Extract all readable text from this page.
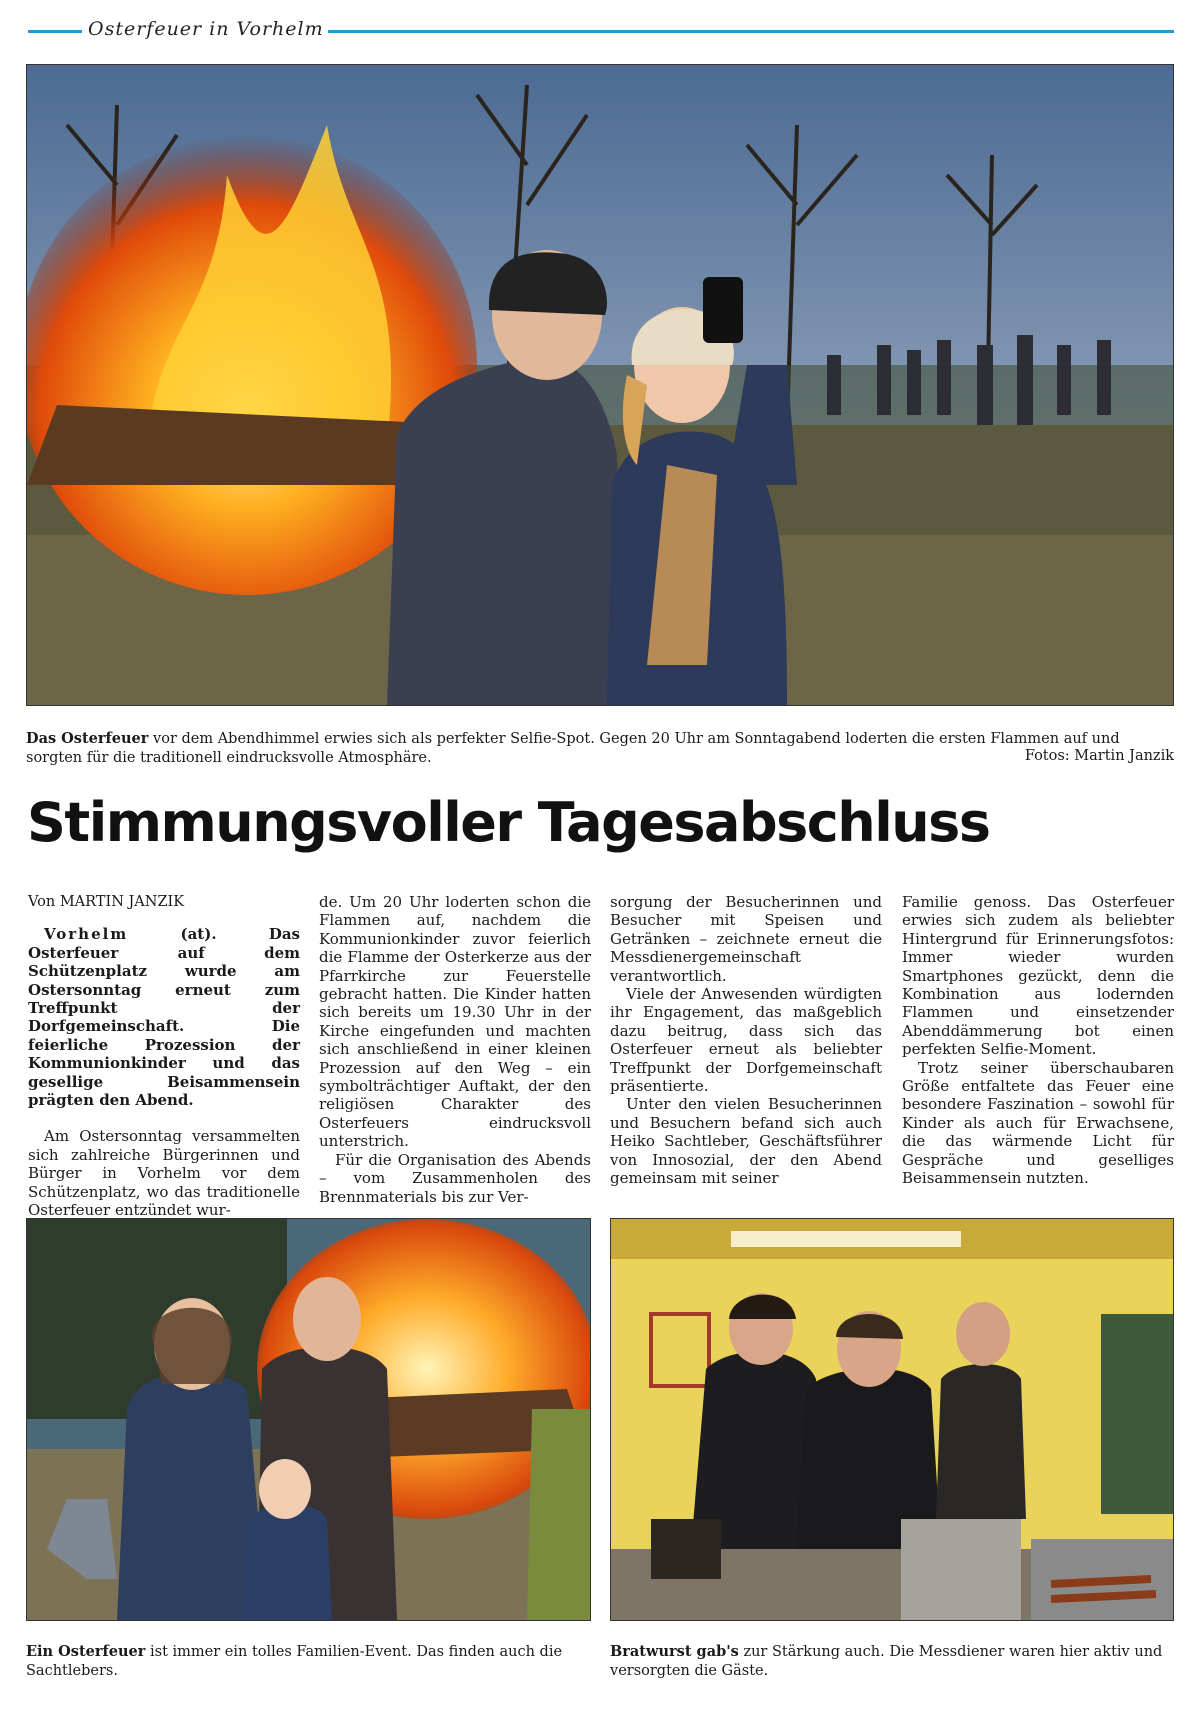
Osterfeuer in Vorhelm
Das Osterfeuer vor dem Abendhimmel erwies sich als perfekter Selfie-Spot. Gegen 20 Uhr am Sonntagabend loderten die ersten Flammen auf und sorgten für die traditionell eindrucksvolle Atmosphäre.	Fotos: Martin Janzik
Stimmungsvoller Tagesabschluss
Von MARTIN JANZIK

Vorhelm (at). Das Osterfeuer auf dem Schützenplatz wurde am Ostersonntag erneut zum Treffpunkt der Dorfgemeinschaft. Die feierliche Prozession der Kommunionkinder und das gesellige Beisammensein prägten den Abend.

Am Ostersonntag versammelten sich zahlreiche Bürgerinnen und Bürger in Vorhelm vor dem Schützenplatz, wo das traditionelle Osterfeuer entzündet wur-

de. Um 20 Uhr loderten schon die Flammen auf, nachdem die Kommunionkinder zuvor feierlich die Flamme der Osterkerze aus der Pfarrkirche zur Feuerstelle gebracht hatten. Die Kinder hatten sich bereits um 19.30 Uhr in der Kirche eingefunden und machten sich anschließend in einer kleinen Prozession auf den Weg – ein symbolträchtiger Auftakt, der den religiösen Charakter des Osterfeuers eindrucksvoll unterstrich.

Für die Organisation des Abends – vom Zusammenholen des Brennmaterials bis zur Ver-

sorgung der Besucherinnen und Besucher mit Speisen und Getränken – zeichnete erneut die Messdienergemeinschaft verantwortlich.

Viele der Anwesenden würdigten ihr Engagement, das maßgeblich dazu beitrug, dass sich das Osterfeuer erneut als beliebter Treffpunkt der Dorfgemeinschaft präsentierte.

Unter den vielen Besucherinnen und Besuchern befand sich auch Heiko Sachtleber, Geschäftsführer von Innosozial, der den Abend gemeinsam mit seiner

Familie genoss. Das Osterfeuer erwies sich zudem als beliebter Hintergrund für Erinnerungsfotos: Immer wieder wurden Smartphones gezückt, denn die Kombination aus lodernden Flammen und einsetzender Abenddämmerung bot einen perfekten Selfie-Moment.

Trotz seiner überschaubaren Größe entfaltete das Feuer eine besondere Faszination – sowohl für Kinder als auch für Erwachsene, die das wärmende Licht für Gespräche und geselliges Beisammensein nutzten.

Ein Osterfeuer ist immer ein tolles Familien-Event. Das finden auch die Sachtlebers.
Bratwurst gab's zur Stärkung auch. Die Messdiener waren hier aktiv und versorgten die Gäste.
